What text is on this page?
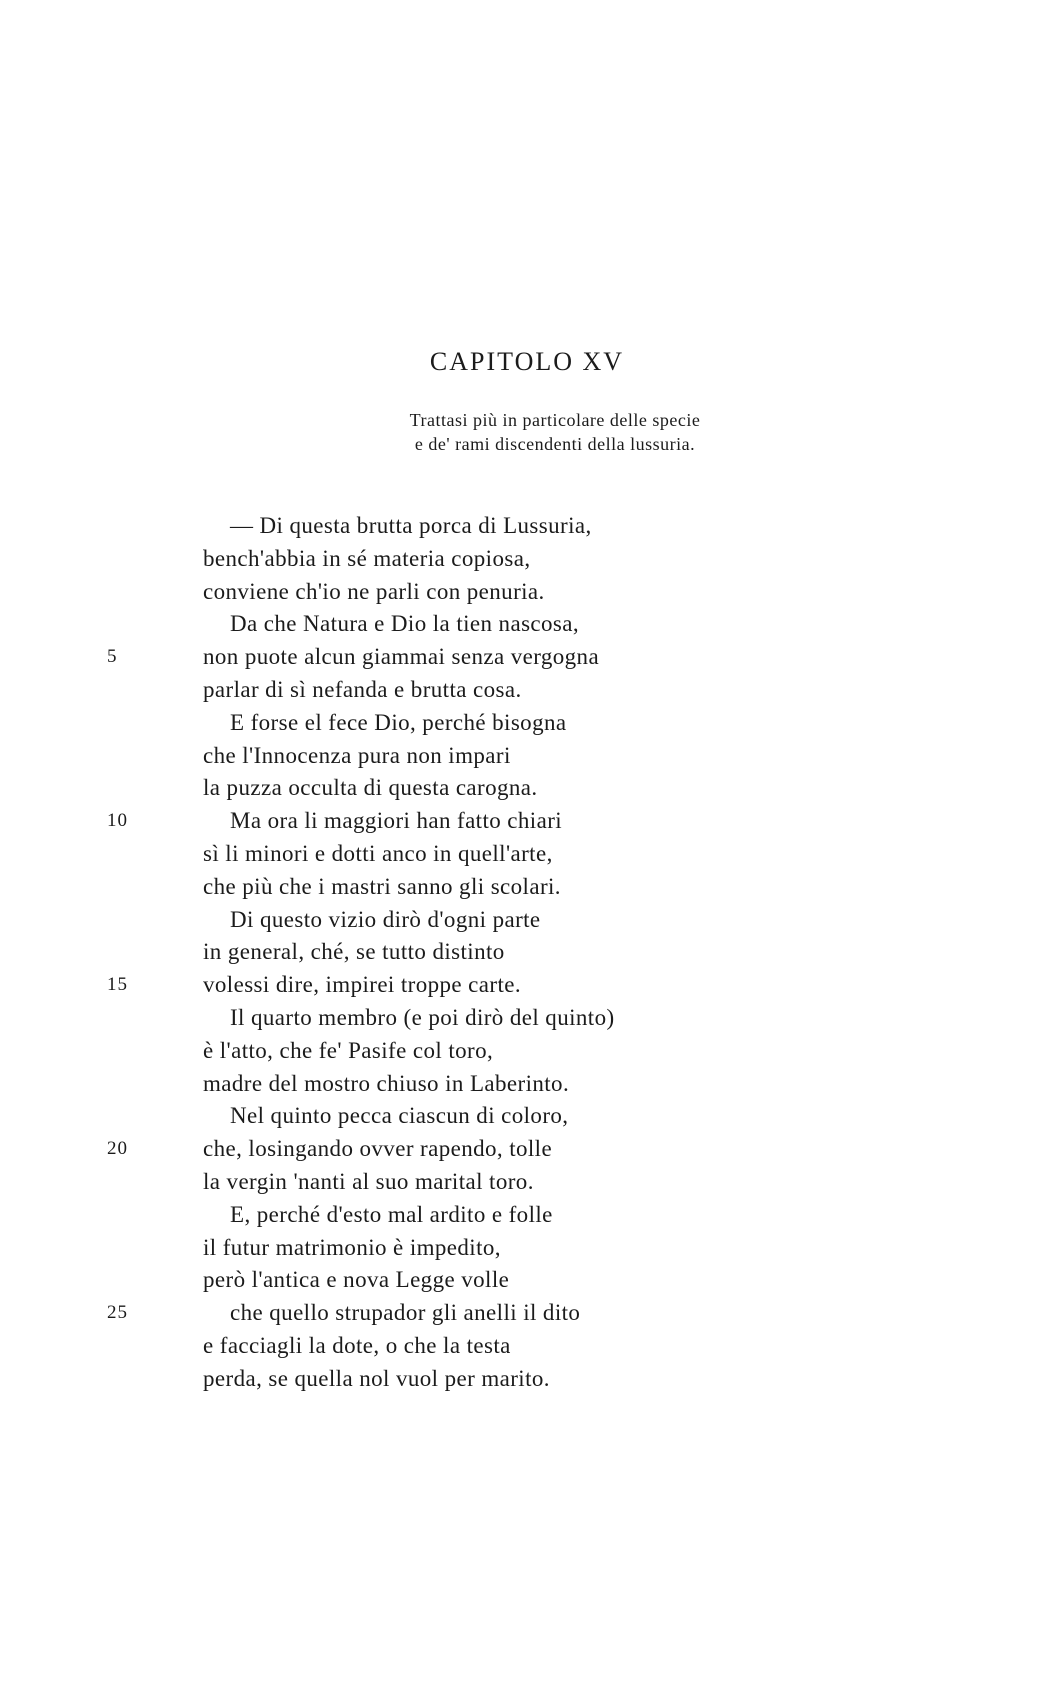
CAPITOLO XV
Trattasi più in particolare delle specie
e de' rami discendenti della lussuria.
— Di questa brutta porca di Lussuria,
bench'abbia in sé materia copiosa,
conviene ch'io ne parli con penuria.
Da che Natura e Dio la tien nascosa,
5	non puote alcun giammai senza vergogna
parlar di sì nefanda e brutta cosa.
E forse el fece Dio, perché bisogna
che l'Innocenza pura non impari
la puzza occulta di questa carogna.
10	Ma ora li maggiori han fatto chiari
sì li minori e dotti anco in quell'arte,
che più che i mastri sanno gli scolari.
Di questo vizio dirò d'ogni parte
in general, ché, se tutto distinto
15	volessi dire, impirei troppe carte.
Il quarto membro (e poi dirò del quinto)
è l'atto, che fe' Pasife col toro,
madre del mostro chiuso in Laberinto.
Nel quinto pecca ciascun di coloro,
20	che, losingando ovver rapendo, tolle
la vergin 'nanti al suo marital toro.
E, perché d'esto mal ardito e folle
il futur matrimonio è impedito,
però l'antica e nova Legge volle
25	che quello strupador gli anelli il dito
e facciagli la dote, o che la testa
perda, se quella nol vuol per marito.
